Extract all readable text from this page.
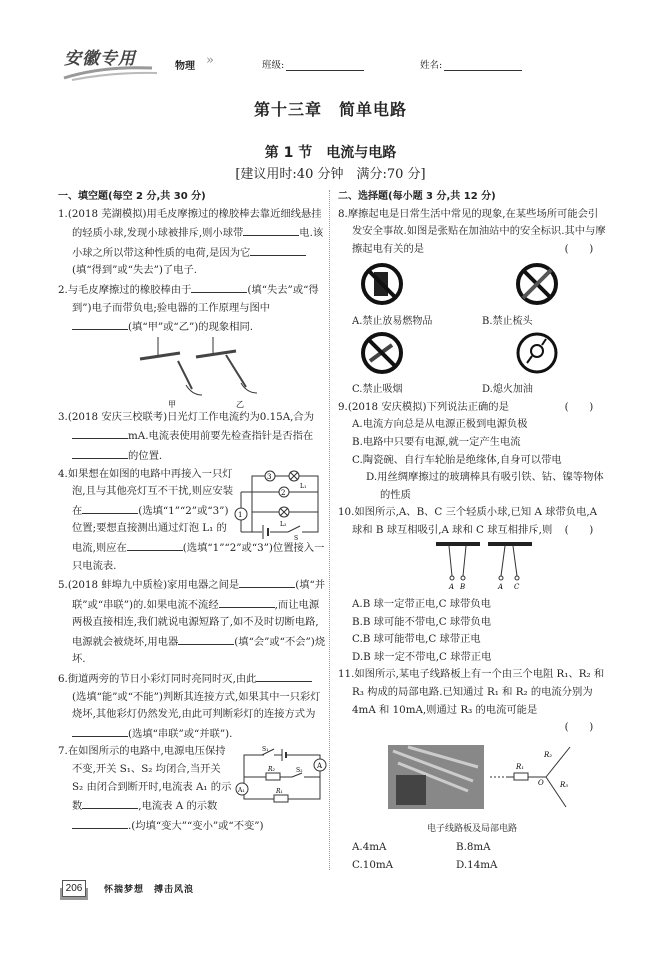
安徽专用	物理 »	班级:	姓名:
第十三章　简单电路
第 1 节　电流与电路
[建议用时:40 分钟　满分:70 分]
一、填空题(每空 2 分,共 30 分)
1.(2018 芜湖模拟)用毛皮摩擦过的橡胶棒去靠近细线悬挂的轻质小球,发现小球被排斥,则小球带	电.该小球之所以带这种性质的电荷,是因为它(填“得到”或“失去”)了电子.
2.与毛皮摩擦过的橡胶棒由于	(填“失去”或“得到”)电子而带负电;验电器的工作原理与图中(填“甲”或“乙”)的现象相同.
甲	乙
3.(2018 安庆三校联考)日光灯工作电流约为0.15A,合为mA.电流表使用前要先检查指针是否指在的位置.
1
3
L₁
2
L₂
S
4.如果想在如图的电路中再接入一只灯泡,且与其他亮灯互不干扰,则应安装在	(选填“1”“2”或“3”)位置;要想直接测出通过灯泡 L₁ 的电流,则应在	(选填“1”“2”或“3”)位置接入一只电流表.
5.(2018 蚌埠九中质检)家用电器之间是	(填“并联”或“串联”)的.如果电流不流经	,而让电源两极直接相连,我们就说电源短路了,如不及时切断电路,电源就会被烧坏,用电器	(填“会”或“不会”)烧坏.
6.街道两旁的节日小彩灯同时亮同时灭,由此(选填“能”或“不能”)判断其连接方式,如果其中一只彩灯烧坏,其他彩灯仍然发光,由此可判断彩灯的连接方式为(选填“串联”或“并联”).
S₁
R₂	S₂
R₁
A
A₁
7.在如图所示的电路中,电源电压保持不变,开关 S₁、S₂ 均闭合,当开关 S₂ 由闭合到断开时,电流表 A₁ 的示数	,电流表 A 的示数.(均填“变大”“变小”或“不变”)
二、选择题(每小题 3 分,共 12 分)
8.摩擦起电是日常生活中常见的现象,在某些场所可能会引发安全事故.如图是张贴在加油站中的安全标识.其中与摩擦起电有关的是	(　　)
A.禁止放易燃物品	B.禁止梳头
C.禁止吸烟	D.熄火加油
9.(2018 安庆模拟)下列说法正确的是	(　　)
A.电流方向总是从电源正极到电源负极
B.电路中只要有电源,就一定产生电流
C.陶瓷碗、自行车轮胎是绝缘体,自身可以带电
D.用丝绸摩擦过的玻璃棒具有吸引铁、钴、镍等物体的性质
10.如图所示,A、B、C 三个轻质小球,已知 A 球带负电,A 球和 B 球互相吸引,A 球和 C 球互相排斥,则 (　　)
A B	A C
A.B 球一定带正电,C 球带负电
B.B 球可能不带电,C 球带负电
C.B 球可能带电,C 球带正电
D.B 球一定不带电,C 球带正电
11.如图所示,某电子线路板上有一个由三个电阻 R₁、R₂ 和 R₃ 构成的局部电路.已知通过 R₁ 和 R₂ 的电流分别为 4mA 和 10mA,则通过 R₃ 的电流可能是

(　　)
R₁
R₂
R₃
O
电子线路板及局部电路
A.4mA	B.8mA
C.10mA	D.14mA
206	怀揣梦想　搏击风浪
